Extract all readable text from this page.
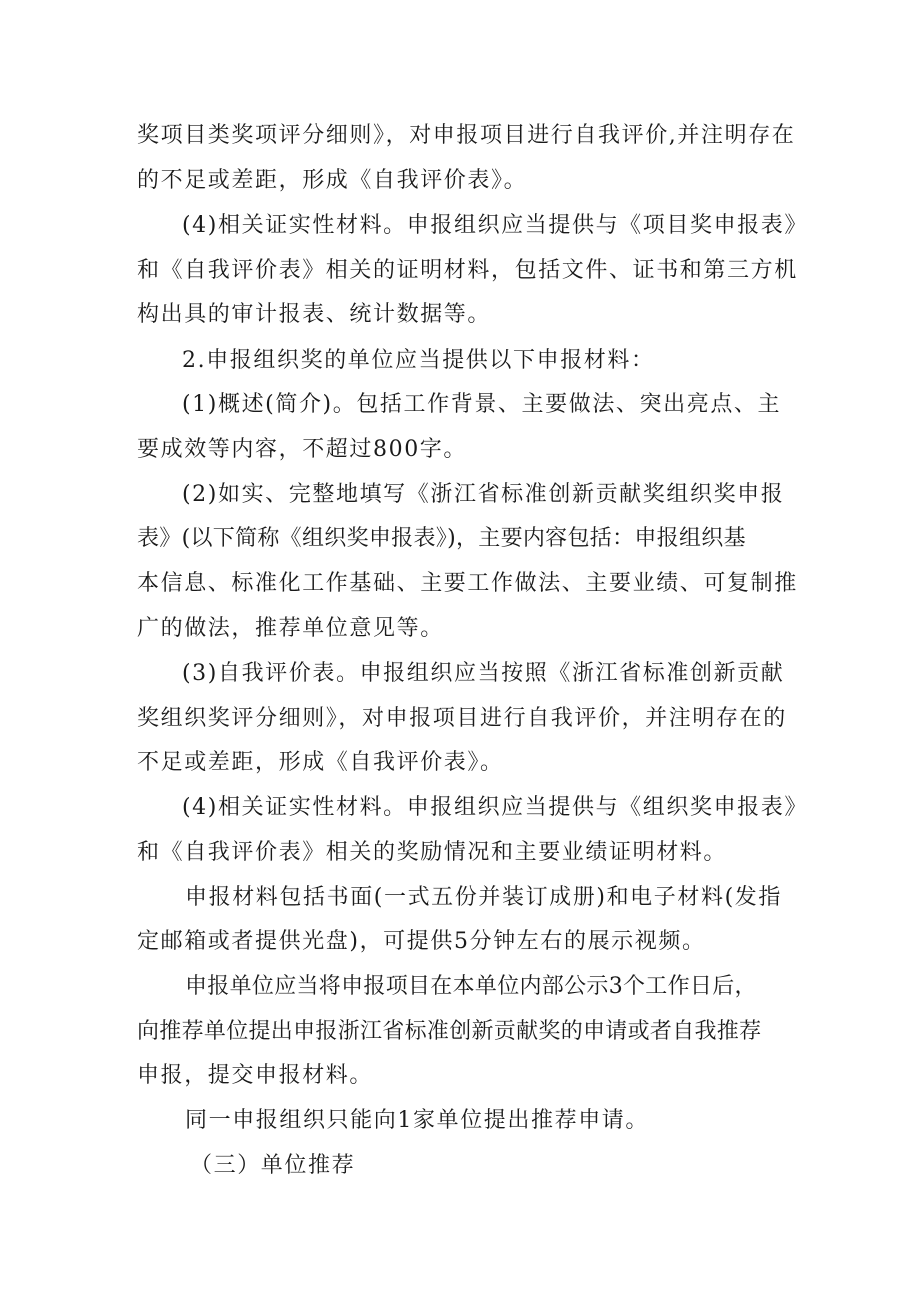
奖项目类奖项评分细则》，对申报项目进行自我评价,并注明存在
的不足或差距，形成《自我评价表》。
(4)相关证实性材料。申报组织应当提供与《项目奖申报表》
和《自我评价表》相关的证明材料，包括文件、证书和第三方机
构出具的审计报表、统计数据等。
2.申报组织奖的单位应当提供以下申报材料：
(1)概述(简介)。包括工作背景、主要做法、突出亮点、主
要成效等内容，不超过800字。
(2)如实、完整地填写《浙江省标准创新贡献奖组织奖申报
表》(以下简称《组织奖申报表》)，主要内容包括：申报组织基
本信息、标准化工作基础、主要工作做法、主要业绩、可复制推
广的做法，推荐单位意见等。
(3)自我评价表。申报组织应当按照《浙江省标准创新贡献
奖组织奖评分细则》，对申报项目进行自我评价，并注明存在的
不足或差距，形成《自我评价表》。
(4)相关证实性材料。申报组织应当提供与《组织奖申报表》
和《自我评价表》相关的奖励情况和主要业绩证明材料。
申报材料包括书面(一式五份并装订成册)和电子材料(发指
定邮箱或者提供光盘)，可提供5分钟左右的展示视频。
申报单位应当将申报项目在本单位内部公示3个工作日后，
向推荐单位提出申报浙江省标准创新贡献奖的申请或者自我推荐
申报，提交申报材料。
同一申报组织只能向1家单位提出推荐申请。
（三）单位推荐
